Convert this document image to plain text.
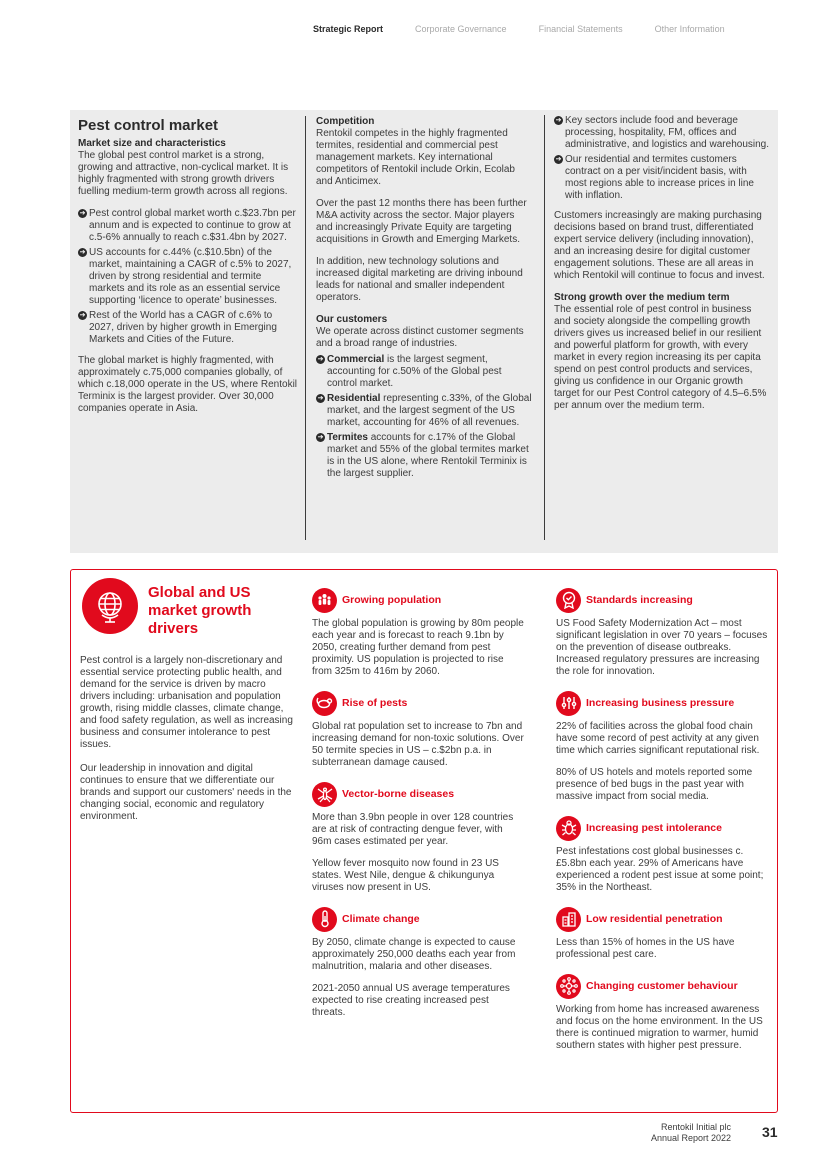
Strategic Report	Corporate Governance	Financial Statements	Other Information
Pest control market
Market size and characteristics
The global pest control market is a strong, growing and attractive, non-cyclical market. It is highly fragmented with strong growth drivers fuelling medium-term growth across all regions.
➔ Pest control global market worth c.$23.7bn per annum and is expected to continue to grow at c.5-6% annually to reach c.$31.4bn by 2027.
➔ US accounts for c.44% (c.$10.5bn) of the market, maintaining a CAGR of c.5% to 2027, driven by strong residential and termite markets and its role as an essential service supporting ‘licence to operate’ businesses.
➔ Rest of the World has a CAGR of c.6% to 2027, driven by higher growth in Emerging Markets and Cities of the Future.
The global market is highly fragmented, with approximately c.75,000 companies globally, of which c.18,000 operate in the US, where Rentokil Terminix is the largest provider. Over 30,000 companies operate in Asia.
Competition
Rentokil competes in the highly fragmented termites, residential and commercial pest management markets. Key international competitors of Rentokil include Orkin, Ecolab and Anticimex.
Over the past 12 months there has been further M&A activity across the sector. Major players and increasingly Private Equity are targeting acquisitions in Growth and Emerging Markets.
In addition, new technology solutions and increased digital marketing are driving inbound leads for national and smaller independent operators.
Our customers
We operate across distinct customer segments and a broad range of industries.
➔ Commercial is the largest segment, accounting for c.50% of the Global pest control market.
➔ Residential representing c.33%, of the Global market, and the largest segment of the US market, accounting for 46% of all revenues.
➔ Termites accounts for c.17% of the Global market and 55% of the global termites market is in the US alone, where Rentokil Terminix is the largest supplier.
➔ Key sectors include food and beverage processing, hospitality, FM, offices and administrative, and logistics and warehousing.
➔ Our residential and termites customers contract on a per visit/incident basis, with most regions able to increase prices in line with inflation.
Customers increasingly are making purchasing decisions based on brand trust, differentiated expert service delivery (including innovation), and an increasing desire for digital customer engagement solutions. These are all areas in which Rentokil will continue to focus and invest.
Strong growth over the medium term
The essential role of pest control in business and society alongside the compelling growth drivers gives us increased belief in our resilient and powerful platform for growth, with every market in every region increasing its per capita spend on pest control products and services, giving us confidence in our Organic growth target for our Pest Control category of 4.5–6.5% per annum over the medium term.
Global and US market growth drivers
Pest control is a largely non-discretionary and essential service protecting public health, and demand for the service is driven by macro drivers including: urbanisation and population growth, rising middle classes, climate change, and food safety regulation, as well as increasing business and consumer intolerance to pest issues.
Our leadership in innovation and digital continues to ensure that we differentiate our brands and support our customers' needs in the changing social, economic and regulatory environment.
Growing population
The global population is growing by 80m people each year and is forecast to reach 9.1bn by 2050, creating further demand from pest proximity. US population is projected to rise from 325m to 416m by 2060.
Rise of pests
Global rat population set to increase to 7bn and increasing demand for non-toxic solutions. Over 50 termite species in US – c.$2bn p.a. in subterranean damage caused.
Vector-borne diseases
More than 3.9bn people in over 128 countries are at risk of contracting dengue fever, with 96m cases estimated per year.
Yellow fever mosquito now found in 23 US states. West Nile, dengue & chikungunya viruses now present in US.
Climate change
By 2050, climate change is expected to cause approximately 250,000 deaths each year from malnutrition, malaria and other diseases.
2021-2050 annual US average temperatures expected to rise creating increased pest threats.
Standards increasing
US Food Safety Modernization Act – most significant legislation in over 70 years – focuses on the prevention of disease outbreaks. Increased regulatory pressures are increasing the role for innovation.
Increasing business pressure
22% of facilities across the global food chain have some record of pest activity at any given time which carries significant reputational risk.
80% of US hotels and motels reported some presence of bed bugs in the past year with massive impact from social media.
Increasing pest intolerance
Pest infestations cost global businesses c.£5.8bn each year. 29% of Americans have experienced a rodent pest issue at some point; 35% in the Northeast.
Low residential penetration
Less than 15% of homes in the US have professional pest care.
Changing customer behaviour
Working from home has increased awareness and focus on the home environment. In the US there is continued migration to warmer, humid southern states with higher pest pressure.
Rentokil Initial plc
Annual Report 2022 31
